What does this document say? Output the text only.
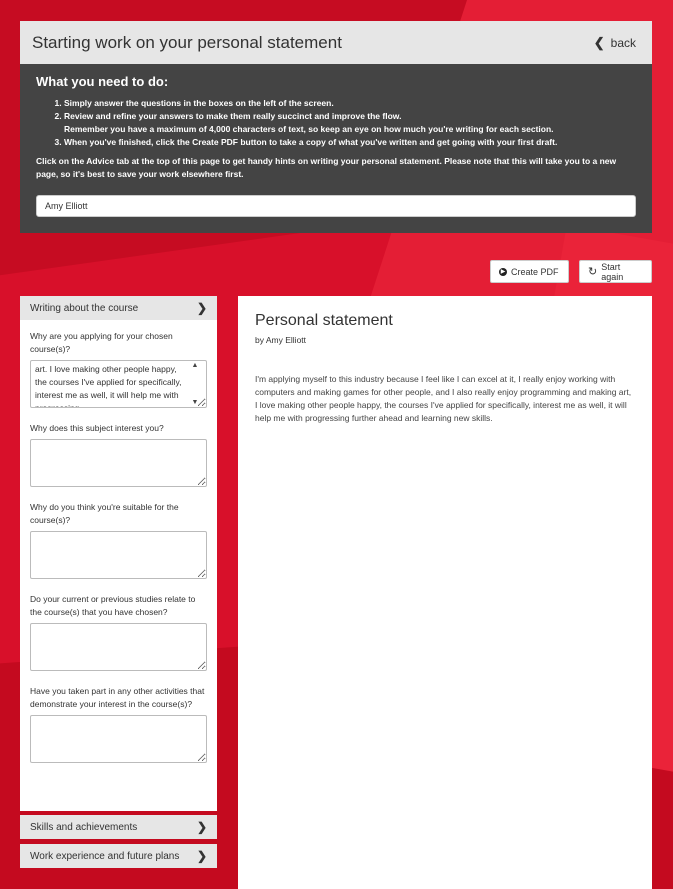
Starting work on your personal statement	❮ back
What you need to do:
1. Simply answer the questions in the boxes on the left of the screen.
2. Review and refine your answers to make them really succinct and improve the flow.
Remember you have a maximum of 4,000 characters of text, so keep an eye on how much you're writing for each section.
3. When you've finished, click the Create PDF button to take a copy of what you've written and get going with your first draft.

Click on the Advice tab at the top of this page to get handy hints on writing your personal statement. Please note that this will take you to a new page, so it's best to save your work elsewhere first.

Amy Elliott
▶ Create PDF	↻ Start again
Writing about the course	❯

Why are you applying for your chosen course(s)?

art. I love making other people happy, the courses I've applied for specifically, interest me as well, it will help me with progressing
▲
▼

Why does this subject interest you?

Why do you think you're suitable for the course(s)?

Do your current or previous studies relate to the course(s) that you have chosen?

Have you taken part in any other activities that demonstrate your interest in the course(s)?

Skills and achievements	❯
Work experience and future plans ❯
Personal statement
by Amy Elliott
I'm applying myself to this industry because I feel like I can excel at it, I really enjoy working with computers and making games for other people, and I also really enjoy programming and making art, I love making other people happy, the courses I've applied for specifically, interest me as well, it will help me with progressing further ahead and learning new skills.
